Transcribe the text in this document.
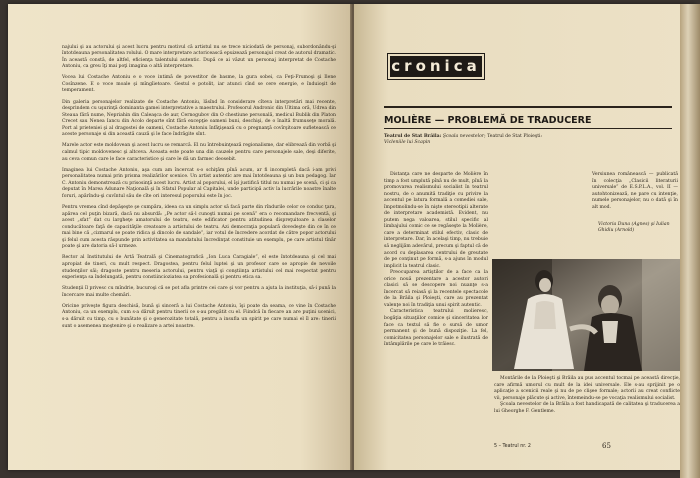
najului şi au actorului şi acest lucru pentru motivul că artistul nu se trece niciodată de personaj, subordonându-şi întotdeauna personalitatea rolului. O mare interpretare actoricească epuizează personajul creat de autorul dramatic. În această constă, de altfel, eficienţa talentului autentic. După ce ai văzut un personaj interpretat de Costache Antoniu, ca greu îţi mai poţi imagina o altă interpretare.

Vocea lui Costache Antoniu e o voce intimă de povestitor de basme, la gura sobei, ca Feţi-Frumoşi şi Ilene Cosînzene. E o voce moale şi mîngîietoare. Gestul e potolit, iar atunci cînd se cere energie, e înduioşit de temperament.

Din galeria personajelor realizate de Costache Antoniu, lăsînd în considerare cîteva interpretări mai recente, desprindem cu uşurinţă dominanta gamei interpretative a maestrului. Profesorul Andronic din Ultima oră, Udrea din Steaua fără nume, Nepriahin din Caleaşca de aur, Cernogubov din O chestiune personală, medicul Bublik din Platon Crecet sau Nenea Iancu din Acolo departe sînt fără excepţie oameni buni, deschişi, de o înaltă frumuseţe morală. Port al prieteniei şi al dragostei de oameni, Costache Antoniu înfăţişează cu o pregnanţă covîrşitoare sufletească ce aceste personaje si din această cauză şi le face îndrăgite sînt.

Marele actor este moldovean şi acest lucru se remarcă. El nu întrebuinţează regionalisme, dar elibrează din vorbă şi calmul tipic moldovenesc şi altceva. Aceasta este poate una din cauzele pentru care personajele sale, deşi diferite, au ceva comun care le face caracteristice şi care le dă un farmec deosebit.

Imaginea lui Costache Antoniu, aşa cum am încercat s-o schiţăm pînă acum, ar fi incompletă dacă i-am privi personalitatea numai prin prisma realizărilor scenice. Un artist autentic are mai întotdeauna şi un bun pedagog. Iar C. Antoniu demonstrează cu prisosinţă acest lucru. Artist al poporului, el îşi justifică titlul nu numai pe scenă, ci şi ca deputat în Marea Adunare Naţională şi în Sfatul Popular al Capitalei, unde participă activ la lucrările noastre înalte foruri, apărîndu-şi cuvîntul său de cîte ori interesul poporului este în joc.

Pentru vremea cînd depăşeşte şe cumpăra, ideea ca un simplu actor să facă parte din rîndurile celor ce conduc ţara, apărea cel puţin bizară, dacă nu absurdă: „Pe actor să-l cunoşti numai pe scenă” era o recomandare frecventă, şi acest „sfat” dat cu largheţe amatorului de teatru, este edificator pentru atitudinea dispreţuitoare a claselor conducătoare faţă de capacităţile creatoare a artistului de teatru. Azi democraţia populară dovedeşte din ce în ce mai bine că „cizmarul se poate ridica şi dincolo de sandale”, iar votul de încredere acordat de către popor actorului şi felul cum acesta răspunde prin activitatea sa mandatului încredinţat constituie un exemplu, pe care artistul tînăr poate şi are datoria să-l urmeze.

Rector al Institutului de Artă Teatrală şi Cinematografică „Ion Luca Caragiale”, el este întotdeauna şi cel mai apropiat de tineri, cu mult respect. Dragostea, pentru felul luptei şi un profesor care se apropie de nevoile studenţilor săi; dragoste pentru meseria actorului, pentru viaţă şi conştiinţa artistului cel mai respectat pentru experienţa sa îndelungată, pentru constiincioziatea sa profesională şi pentru etica sa.

Studenţii îl privesc cu mîndrie, bucuroşi că se pot afla printre cei care şi vor pentru a ajuta la instituţia, să-i pună la încercare mai multe chemări.

Oricine priveşte figura deschisă, bună şi sinceră a lui Costache Antoniu, îşi poate da seama, ce vine în Costache Antoniu, ca un exemplu, cum s-a dăruit pentru tinerii ce s-au pregătit cu el. Fiindcă în fiecare an are puţini ucenici, s-a dăruit cu timp, cu o bunătate şi o generozitate totală, pentru a insufla un spirit pe care numai el îl are: tinerii sunt o asemenea moştenire şi o realizare a artei noastre.

cronica
MOLIÈRE — PROBLEMĂ DE TRADUCERE
Teatrul de Stat Brăila: Şcoala nevestelor; Teatrul de Stat Ploieşti:
Vicleniile lui Scapin

Distanţa care ne desparte de Molière în timp a fost umplută pînă nu de mult, pînă la promovarea realismului socialist în teatrul nostru, de o anumită tradiţie cu privire la accentul pe latura formală a comediei sale, împotmolindu-se în nişte stereotipii alterate de interpretare academistă. Evident, nu putem nega valoarea, stilul specific al limbajului comic ce se regăseşte la Molière, care a determinat stilul efectiv, clasic de interpretare. Dar, în acelaşi timp, nu trebuie să neglijăm adevărul, precum şi faptul că de acord cu deplasarea centrului de greutate de pe conţinut pe formă, s-a ajuns în modul implicit la teatrul clasic.

Preocuparea artiştilor de a face ca la orice nouă prezentare a acestor autori clasici să se descopere noi nuanţe s-a încercat să reiasă şi la recentele spectacole de la Brăila şi Ploieşti, care au prezentat valenţe noi în tradiţia unui spirit autentic.

Caracteristica teatrului molieresc, bogăţia situaţiilor comice şi sinceritatea lor face ca textul să fie o sursă de umor permanent şi de bună dispoziţie. La fel, comicitatea personajelor sale e ilustrată de întâmplările pe care le trăiesc.

Versiunea românească — publicată în colecţia „Clasicii literaturii universale” de E.S.P.L.A., vol. II — autohtonizează, ne pare cu intenţie, numele personajelor, nu o dată şi în alt mod.

Victoria Duna (Agnes) şi Iulian Ghidiu (Arnold)

Montările de la Ploieşti şi Brăila au pus accentul tocmai pe această direcţie, care afirmă umorul cu mult de la idei universale. Ele s-au sprijinit pe o aplicaţie a scenicii reale şi nu de pe clişee formale; actorii au creat conflicte vii, personaje plăcute şi active, întemeindu-se pe vocaţia realismului socialist.

Şcoala nevestelor de la Brăila a fost handicapată de calitatea şi traducerea a lui Gheorghe F. Gentleme.

5 – Teatrul nr. 2	65
